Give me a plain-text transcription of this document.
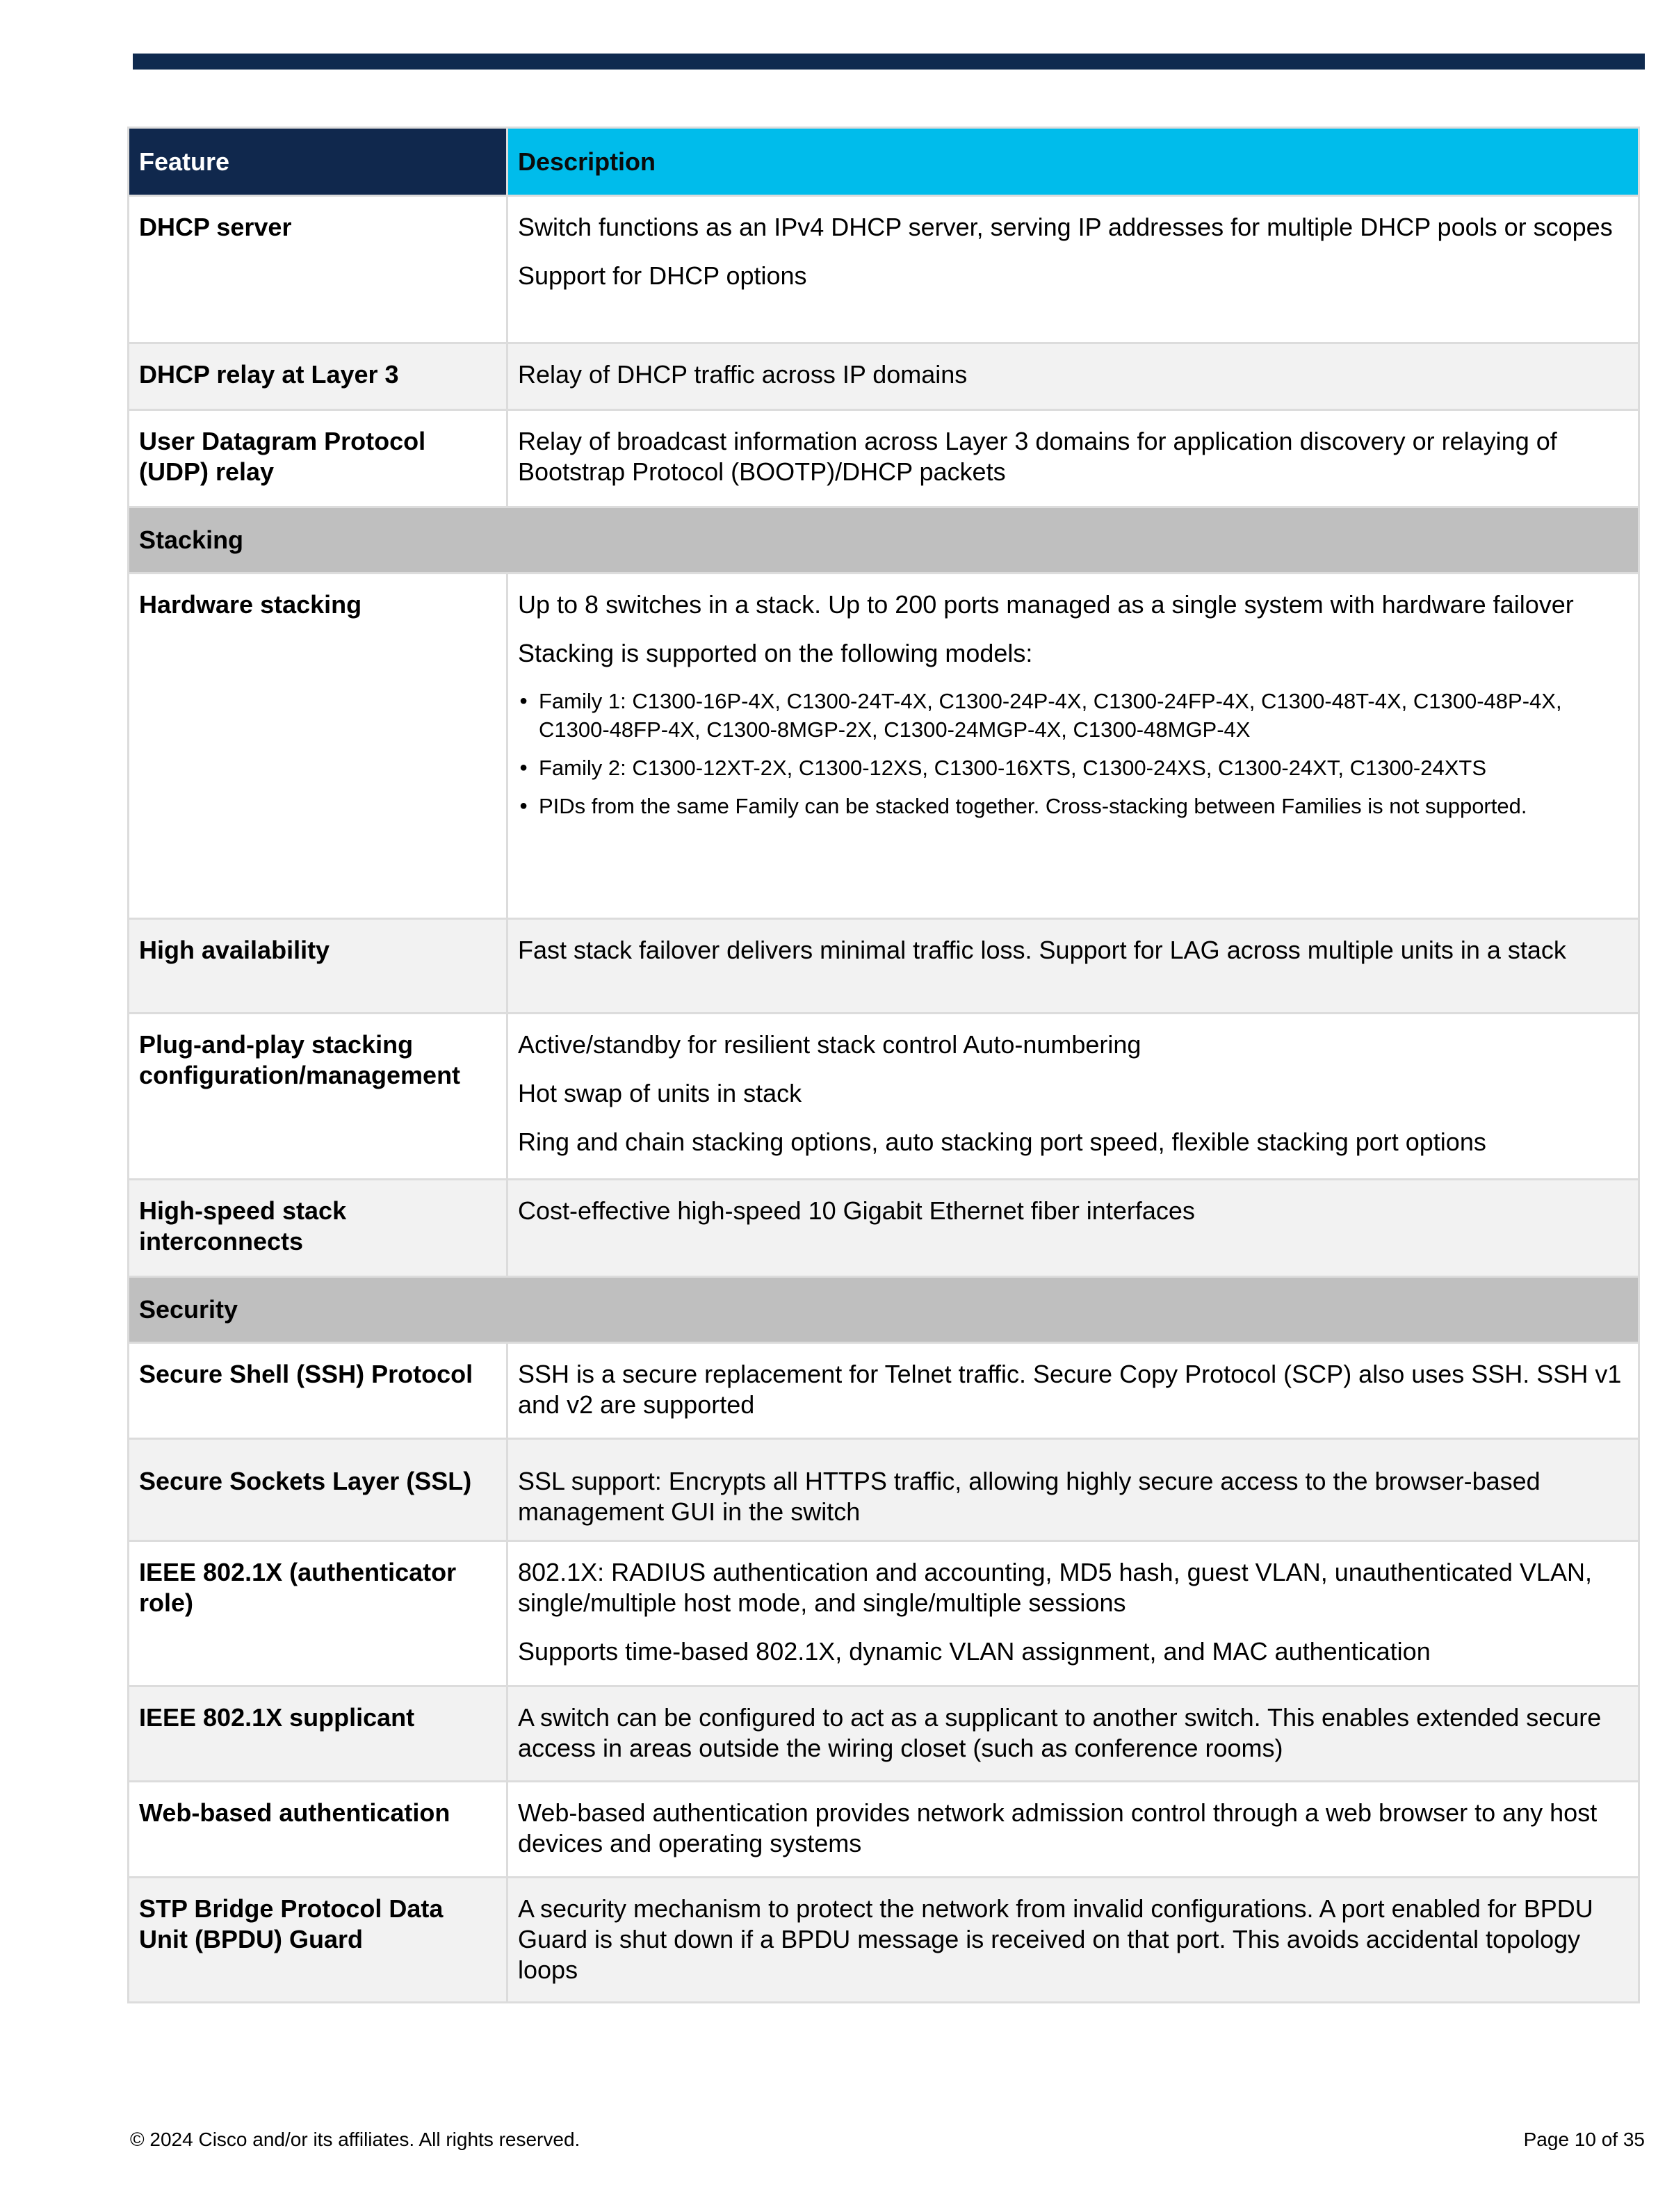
Feature	Description
DHCP server	Switch functions as an IPv4 DHCP server, serving IP addresses for multiple DHCP pools or scopes

Support for DHCP options

DHCP relay at Layer 3	Relay of DHCP traffic across IP domains

User Datagram Protocol (UDP) relay	Relay of broadcast information across Layer 3 domains for application discovery or relaying of Bootstrap Protocol (BOOTP)/DHCP packets

Stacking	
Hardware stacking	Up to 8 switches in a stack. Up to 200 ports managed as a single system with hardware failover

Stacking is supported on the following models:

● Family 1: C1300-16P-4X, C1300-24T-4X, C1300-24P-4X, C1300-24FP-4X, C1300-48T-4X, C1300-48P-4X, C1300-48FP-4X, C1300-8MGP-2X, C1300-24MGP-4X, C1300-48MGP-4X
● Family 2: C1300-12XT-2X, C1300-12XS, C1300-16XTS, C1300-24XS, C1300-24XT, C1300-24XTS
● PIDs from the same Family can be stacked together. Cross-stacking between Families is not supported.

High availability	Fast stack failover delivers minimal traffic loss. Support for LAG across multiple units in a stack

Plug-and-play stacking configuration/management	Active/standby for resilient stack control Auto-numbering

Hot swap of units in stack

Ring and chain stacking options, auto stacking port speed, flexible stacking port options

High-speed stack interconnects	Cost-effective high-speed 10 Gigabit Ethernet fiber interfaces

Security	
Secure Shell (SSH) Protocol	SSH is a secure replacement for Telnet traffic. Secure Copy Protocol (SCP) also uses SSH. SSH v1 and v2 are supported

Secure Sockets Layer (SSL)	SSL support: Encrypts all HTTPS traffic, allowing highly secure access to the browser-based management GUI in the switch

IEEE 802.1X (authenticator role)	802.1X: RADIUS authentication and accounting, MD5 hash, guest VLAN, unauthenticated VLAN, single/multiple host mode, and single/multiple sessions

Supports time-based 802.1X, dynamic VLAN assignment, and MAC authentication

IEEE 802.1X supplicant	A switch can be configured to act as a supplicant to another switch. This enables extended secure access in areas outside the wiring closet (such as conference rooms)

Web-based authentication	Web-based authentication provides network admission control through a web browser to any host devices and operating systems

STP Bridge Protocol Data Unit (BPDU) Guard	A security mechanism to protect the network from invalid configurations. A port enabled for BPDU Guard is shut down if a BPDU message is received on that port. This avoids accidental topology loops

© 2024 Cisco and/or its affiliates. All rights reserved.	Page 10 of 35
